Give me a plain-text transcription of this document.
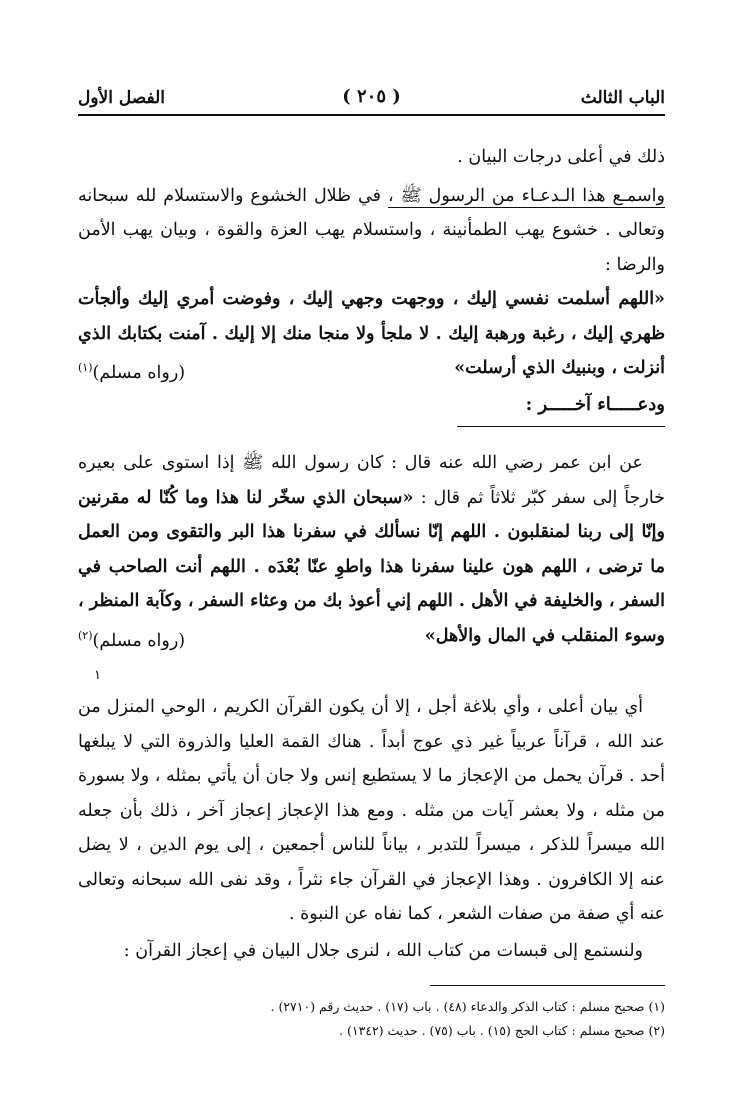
الباب الثالث
( ٢٠٥ )
الفصل الأول

ذلك في أعلى درجات البيان .

واسمـع هذا الـدعـاء من الرسول ﷺ ، في ظلال الخشوع والاستسلام لله سبحانه وتعالى . خشوع يهب الطمأنينة ، واستسلام يهب العزة والقوة ، وبيان يهب الأمن والرضا :

«اللهم أسلمت نفسي إليك ، ووجهت وجهي إليك ، وفوضت أمري إليك وألجأت ظهري إليك ، رغبة ورهبة إليك . لا ملجأ ولا منجا منك إلا إليك . آمنت بكتابك الذي أنزلت ، وبنبيك الذي أرسلت»
(رواه مسلم)$^{(١)}$

ودعـــــاء آخـــــر :

عن ابن عمر رضي الله عنه قال : كان رسول الله ﷺ إذا استوى على بعيره خارجاً إلى سفر كبّر ثلاثاً ثم قال : «سبحان الذي سخّر لنا هذا وما كُنّا له مقرنين وإنّا إلى ربنا لمنقلبون . اللهم إنّا نسألك في سفرنا هذا البر والتقوى ومن العمل ما ترضى ، اللهم هون علينا سفرنا هذا واطوِ عنّا بُعْدَه . اللهم أنت الصاحب في السفر ، والخليفة في الأهل . اللهم إني أعوذ بك من وعثاء السفر ، وكآبة المنظر ، وسوء المنقلب في المال والأهل»
(رواه مسلم)$^{(٢)}$

١

أي بيان أعلى ، وأي بلاغة أجل ، إلا أن يكون القرآن الكريم ، الوحي المنزل من عند الله ، قرآناً عربياً غير ذي عوج أبداً . هناك القمة العليا والذروة التي لا يبلغها أحد . قرآن يحمل من الإعجاز ما لا يستطيع إنس ولا جان أن يأتي بمثله ، ولا بسورة من مثله ، ولا بعشر آيات من مثله . ومع هذا الإعجاز إعجاز آخر ، ذلك بأن جعله الله ميسراً للذكر ، ميسراً للتدبر ، بياناً للناس أجمعين ، إلى يوم الدين ، لا يضل عنه إلا الكافرون . وهذا الإعجاز في القرآن جاء نثراً ، وقد نفى الله سبحانه وتعالى عنه أي صفة من صفات الشعر ، كما نفاه عن النبوة .

ولنستمع إلى قبسات من كتاب الله ، لنرى جلال البيان في إعجاز القرآن :

(١) صحيح مسلم : كتاب الذكر والدعاء (٤٨) . باب (١٧) . حديث رقم (٢٧١٠) .
(٢) صحيح مسلم : كتاب الحج (١٥) . باب (٧٥) . حديث (١٣٤٢) .
